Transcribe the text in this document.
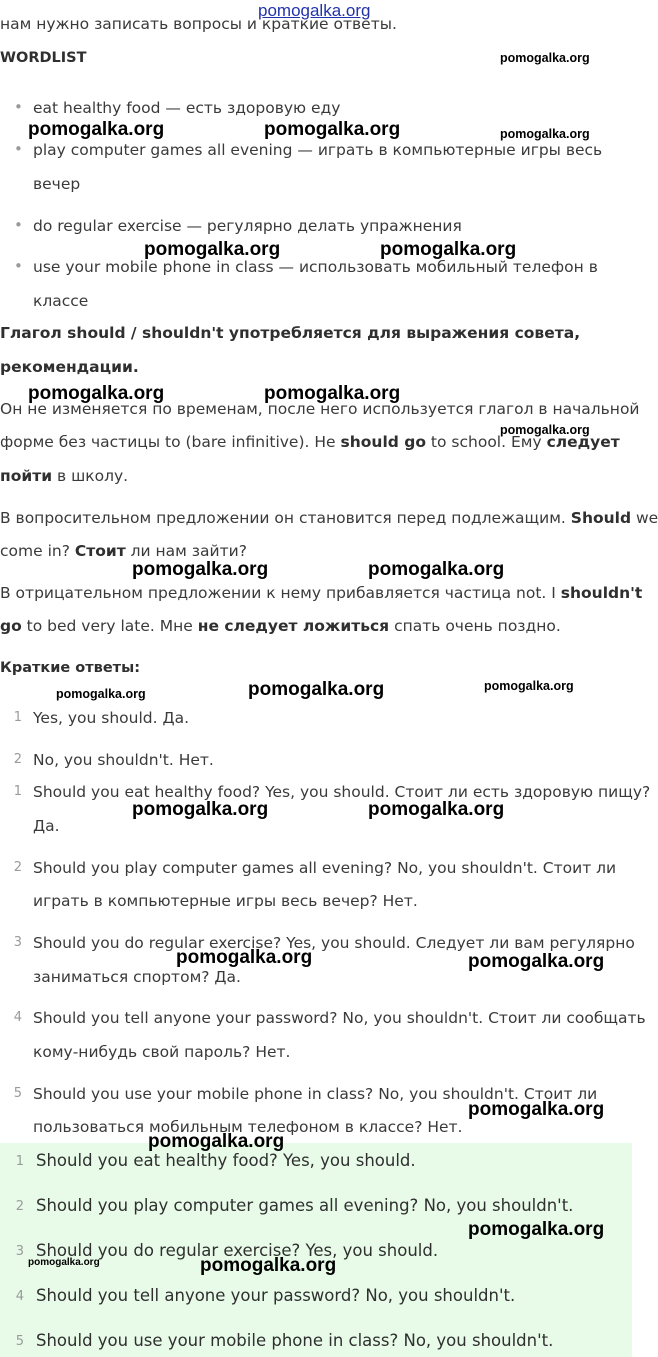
нам нужно записать вопросы и краткие ответы.
WORDLIST
• eat healthy food — есть здоровую еду
• play computer games all evening — играть в компьютерные игры весь
вечер
• do regular exercise — регулярно делать упражнения
• use your mobile phone in class — использовать мобильный телефон в
классе
Глагол should / shouldn't употребляется для выражения совета,
рекомендации.
Он не изменяется по временам, после него используется глагол в начальной
форме без частицы to (bare infinitive). Не should go to school. Ему следует
пойти в школу.
В вопросительном предложении он становится перед подлежащим. Should we
come in? Стоит ли нам зайти?
В отрицательном предложении к нему прибавляется частица not. I shouldn't
go to bed very late. Мне не следует ложиться спать очень поздно.
Краткие ответы:
1 Yes, you should. Да.
2 No, you shouldn't. Нет.
1 Should you eat healthy food? Yes, you should. Стоит ли есть здоровую пищу?
Да.
2 Should you play computer games all evening? No, you shouldn't. Стоит ли
играть в компьютерные игры весь вечер? Нет.
3 Should you do regular exercise? Yes, you should. Следует ли вам регулярно
заниматься спортом? Да.
4 Should you tell anyone your password? No, you shouldn't. Стоит ли сообщать
кому-нибудь свой пароль? Нет.
5 Should you use your mobile phone in class? No, you shouldn't. Стоит ли
пользоваться мобильным телефоном в классе? Нет.
1 Should you eat healthy food? Yes, you should.
2 Should you play computer games all evening? No, you shouldn't.
3 Should you do regular exercise? Yes, you should.
4 Should you tell anyone your password? No, you shouldn't.
5 Should you use your mobile phone in class? No, you shouldn't.
pomogalka.org
pomogalka.org
pomogalka.org	pomogalka.org	pomogalka.org
pomogalka.org	pomogalka.org
pomogalka.org	pomogalka.org
pomogalka.org
pomogalka.org	pomogalka.org
pomogalka.org	pomogalka.org	pomogalka.org
pomogalka.org	pomogalka.org
pomogalka.org	pomogalka.org
pomogalka.org
pomogalka.org
pomogalka.org
pomogalka.org	pomogalka.org
